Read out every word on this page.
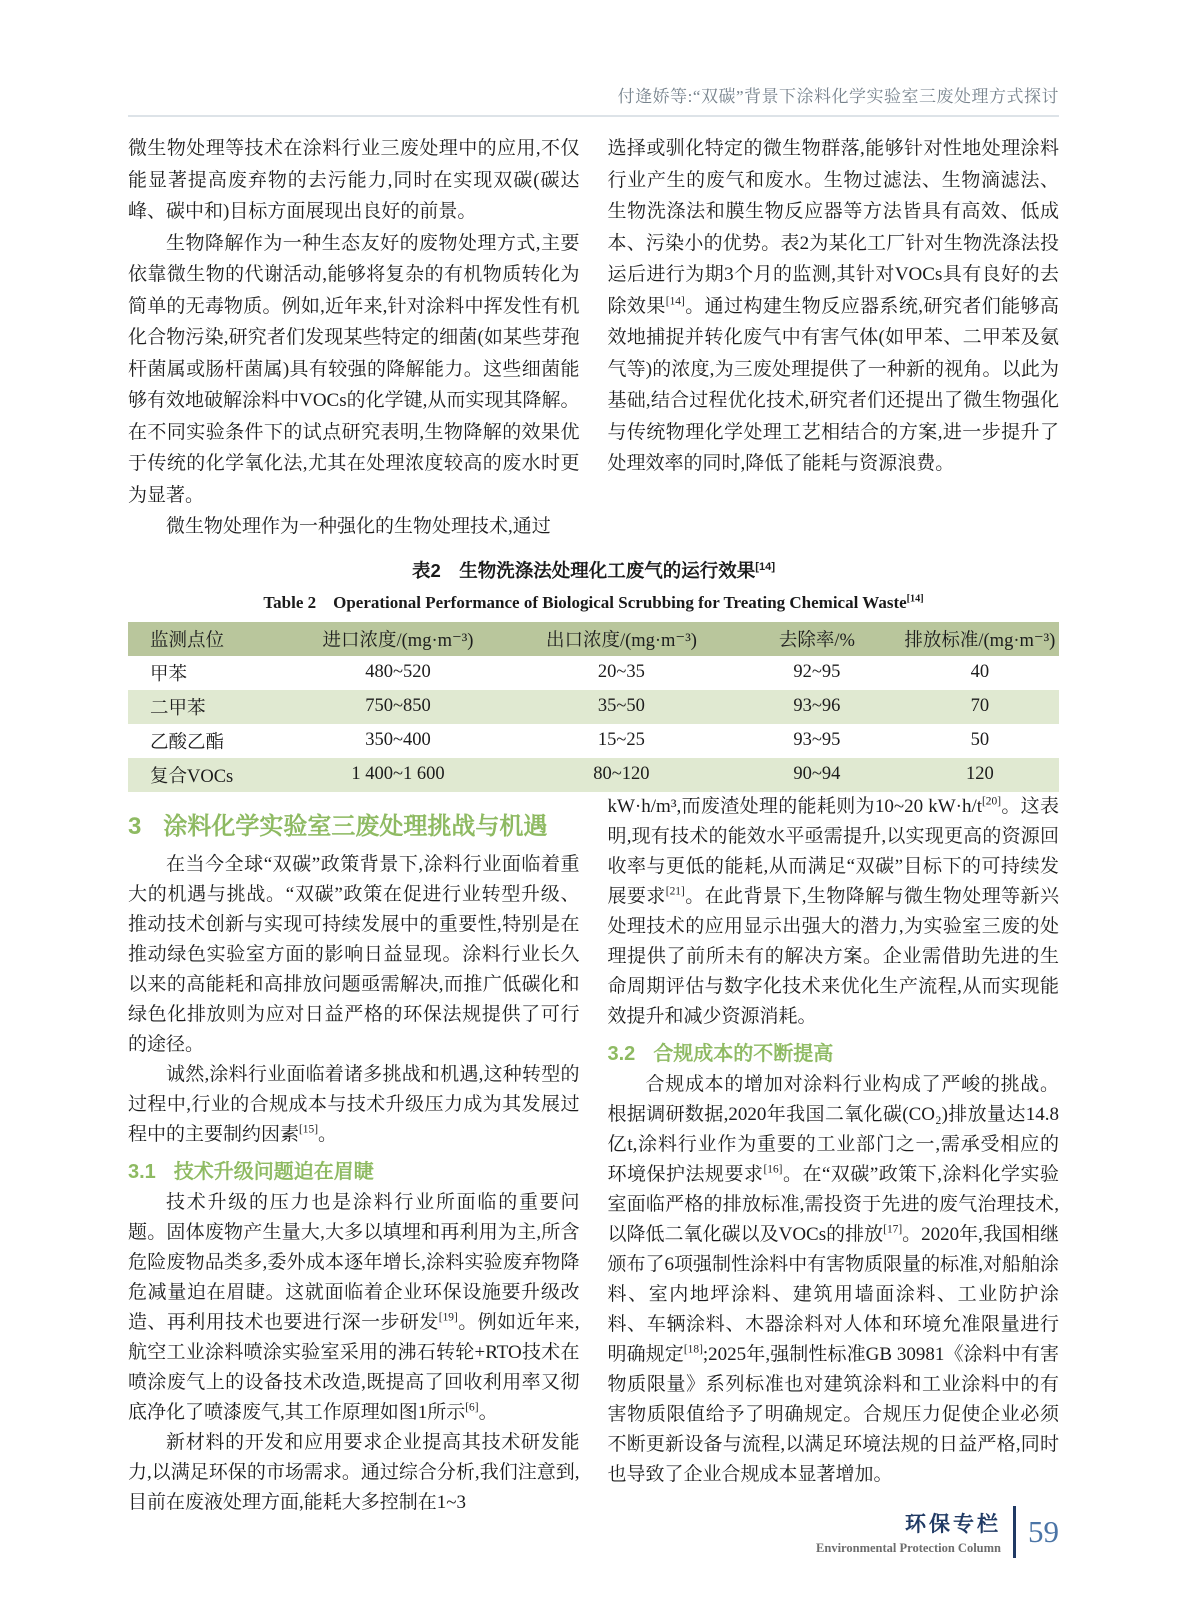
付逄娇等:“双碳”背景下涂料化学实验室三废处理方式探讨

微生物处理等技术在涂料行业三废处理中的应用,不仅能显著提高废弃物的去污能力,同时在实现双碳(碳达峰、碳中和)目标方面展现出良好的前景。

生物降解作为一种生态友好的废物处理方式,主要依靠微生物的代谢活动,能够将复杂的有机物质转化为简单的无毒物质。例如,近年来,针对涂料中挥发性有机化合物污染,研究者们发现某些特定的细菌(如某些芽孢杆菌属或肠杆菌属)具有较强的降解能力。这些细菌能够有效地破解涂料中VOCs的化学键,从而实现其降解。在不同实验条件下的试点研究表明,生物降解的效果优于传统的化学氧化法,尤其在处理浓度较高的废水时更为显著。

微生物处理作为一种强化的生物处理技术,通过

选择或驯化特定的微生物群落,能够针对性地处理涂料行业产生的废气和废水。生物过滤法、生物滴滤法、生物洗涤法和膜生物反应器等方法皆具有高效、低成本、污染小的优势。表2为某化工厂针对生物洗涤法投运后进行为期3个月的监测,其针对VOCs具有良好的去除效果[14]。通过构建生物反应器系统,研究者们能够高效地捕捉并转化废气中有害气体(如甲苯、二甲苯及氨气等)的浓度,为三废处理提供了一种新的视角。以此为基础,结合过程优化技术,研究者们还提出了微生物强化与传统物理化学处理工艺相结合的方案,进一步提升了处理效率的同时,降低了能耗与资源浪费。

表2　生物洗涤法处理化工废气的运行效果[14]
Table 2　Operational Performance of Biological Scrubbing for Treating Chemical Waste[14]
监测点位	进口浓度/(mg·m⁻³)	出口浓度/(mg·m⁻³)	去除率/%	排放标准/(mg·m⁻³)
甲苯	480~520	20~35	92~95	40
二甲苯	750~850	35~50	93~96	70
乙酸乙酯	350~400	15~25	93~95	50
复合VOCs	1 400~1 600	80~120	90~94	120
3 涂料化学实验室三废处理挑战与机遇

在当今全球“双碳”政策背景下,涂料行业面临着重大的机遇与挑战。“双碳”政策在促进行业转型升级、推动技术创新与实现可持续发展中的重要性,特别是在推动绿色实验室方面的影响日益显现。涂料行业长久以来的高能耗和高排放问题亟需解决,而推广低碳化和绿色化排放则为应对日益严格的环保法规提供了可行的途径。

诚然,涂料行业面临着诸多挑战和机遇,这种转型的过程中,行业的合规成本与技术升级压力成为其发展过程中的主要制约因素[15]。

3.1 技术升级问题迫在眉睫

技术升级的压力也是涂料行业所面临的重要问题。固体废物产生量大,大多以填埋和再利用为主,所含危险废物品类多,委外成本逐年增长,涂料实验废弃物降危减量迫在眉睫。这就面临着企业环保设施要升级改造、再利用技术也要进行深一步研发[19]。例如近年来,航空工业涂料喷涂实验室采用的沸石转轮+RTO技术在喷涂废气上的设备技术改造,既提高了回收利用率又彻底净化了喷漆废气,其工作原理如图1所示[6]。

新材料的开发和应用要求企业提高其技术研发能力,以满足环保的市场需求。通过综合分析,我们注意到,目前在废液处理方面,能耗大多控制在1~3

kW·h/m³,而废渣处理的能耗则为10~20 kW·h/t[20]。这表明,现有技术的能效水平亟需提升,以实现更高的资源回收率与更低的能耗,从而满足“双碳”目标下的可持续发展要求[21]。在此背景下,生物降解与微生物处理等新兴处理技术的应用显示出强大的潜力,为实验室三废的处理提供了前所未有的解决方案。企业需借助先进的生命周期评估与数字化技术来优化生产流程,从而实现能效提升和减少资源消耗。

3.2 合规成本的不断提高

合规成本的增加对涂料行业构成了严峻的挑战。根据调研数据,2020年我国二氧化碳(CO₂)排放量达14.8亿t,涂料行业作为重要的工业部门之一,需承受相应的环境保护法规要求[16]。在“双碳”政策下,涂料化学实验室面临严格的排放标准,需投资于先进的废气治理技术,以降低二氧化碳以及VOCs的排放[17]。2020年,我国相继颁布了6项强制性涂料中有害物质限量的标准,对船舶涂料、室内地坪涂料、建筑用墙面涂料、工业防护涂料、车辆涂料、木器涂料对人体和环境允准限量进行明确规定[18];2025年,强制性标准GB 30981《涂料中有害物质限量》系列标准也对建筑涂料和工业涂料中的有害物质限值给予了明确规定。合规压力促使企业必须不断更新设备与流程,以满足环境法规的日益严格,同时也导致了企业合规成本显著增加。

环保专栏
Environmental Protection Column 59
